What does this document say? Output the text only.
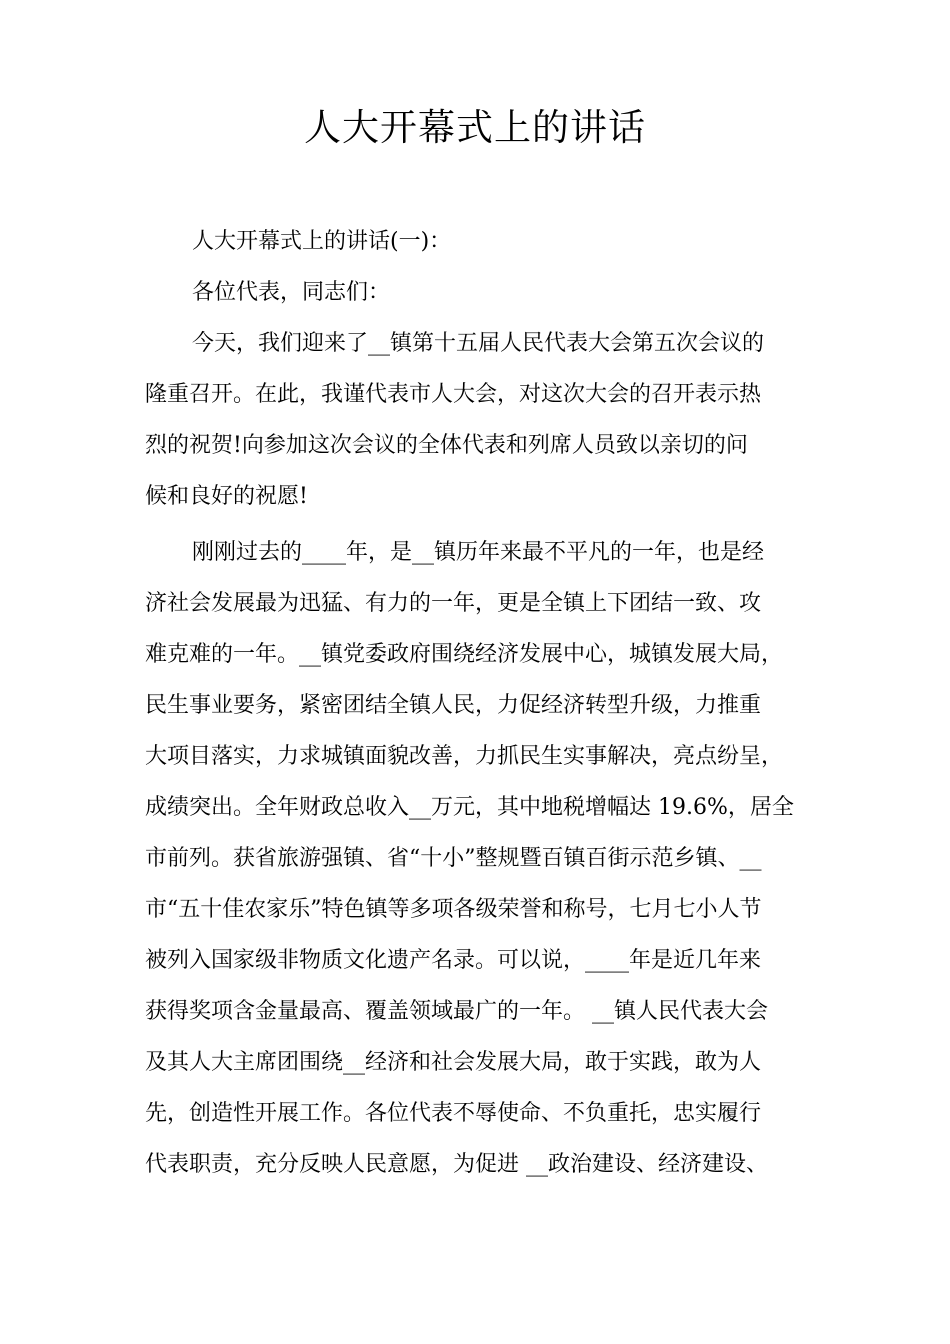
人大开幕式上的讲话
人大开幕式上的讲话(一)：
各位代表，同志们：
今天，我们迎来了__镇第十五届人民代表大会第五次会议的
隆重召开。在此，我谨代表市人大会，对这次大会的召开表示热
烈的祝贺!向参加这次会议的全体代表和列席人员致以亲切的问
候和良好的祝愿!
刚刚过去的____年，是__镇历年来最不平凡的一年，也是经
济社会发展最为迅猛、有力的一年，更是全镇上下团结一致、攻
难克难的一年。__镇党委政府围绕经济发展中心，城镇发展大局，
民生事业要务，紧密团结全镇人民，力促经济转型升级，力推重
大项目落实，力求城镇面貌改善，力抓民生实事解决，亮点纷呈，
成绩突出。全年财政总收入__万元，其中地税增幅达 19.6%，居全
市前列。获省旅游强镇、省“十小”整规暨百镇百街示范乡镇、__
市“五十佳农家乐”特色镇等多项各级荣誉和称号，七月七小人节
被列入国家级非物质文化遗产名录。可以说，____年是近几年来
获得奖项含金量最高、覆盖领域最广的一年。 __镇人民代表大会
及其人大主席团围绕__经济和社会发展大局，敢于实践，敢为人
先，创造性开展工作。各位代表不辱使命、不负重托，忠实履行
代表职责，充分反映人民意愿，为促进 __政治建设、经济建设、
